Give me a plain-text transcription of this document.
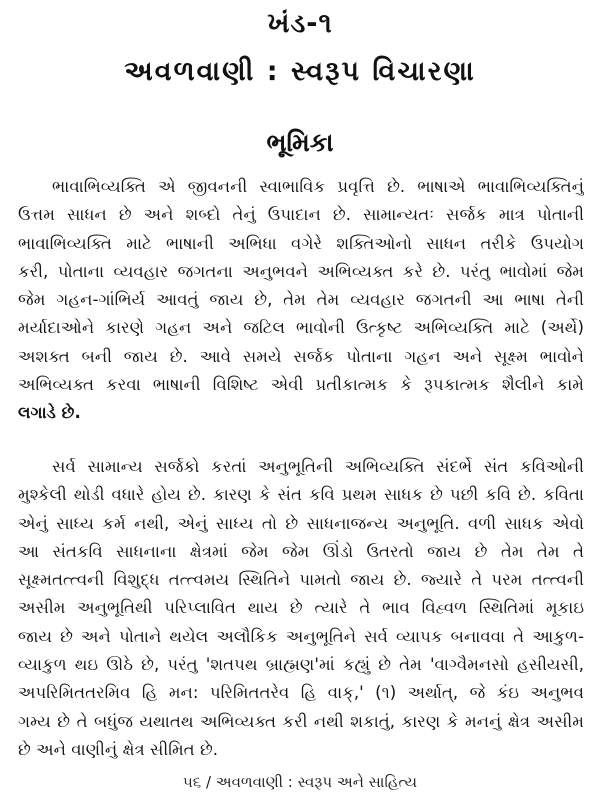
ખંડ-૧
અવળવાણી : સ્વરૂપ વિચારણા
ભૂમિકા
ભાવાભિવ્યક્તિ એ જીવનની સ્વાભાવિક પ્રવૃત્તિ છે. ભાષાએ ભાવાભિવ્યક્તિનું
ઉત્તમ સાધન છે અને શબ્દો તેનું ઉપાદાન છે. સામાન્યતઃ સર્જક માત્ર પોતાની
ભાવાભિવ્યક્તિ માટે ભાષાની અભિધા વગેરે શક્તિઓનો સાધન તરીકે ઉપયોગ
કરી, પોતાના વ્યવહાર જગતના અનુભવને અભિવ્યક્ત કરે છે. પરંતુ ભાવોમાં જેમ
જેમ ગહન-ગાંભિર્ય આવતું જાય છે, તેમ તેમ વ્યવહાર જગતની આ ભાષા તેની
મર્યાદાઓને કારણે ગહન અને જટિલ ભાવોની ઉત્કૃષ્ટ અભિવ્યક્તિ માટે (અર્થે)
અશક્ત બની જાય છે. આવે સમયે સર્જક પોતાના ગહન અને સૂક્ષ્મ ભાવોને
અભિવ્યક્ત કરવા ભાષાની વિશિષ્ટ એવી પ્રતીકાત્મક કે રૂપકાત્મક શૈલીને કામે
લગાડે છે.
સર્વ સામાન્ય સર્જકો કરતાં અનુભૂતિની અભિવ્યક્તિ સંદર્ભે સંત કવિઓની
મુશ્કેલી થોડી વધારે હોય છે. કારણ કે સંત કવિ પ્રથમ સાધક છે પછી કવિ છે. કવિતા
એનું સાધ્ય કર્મ નથી, એનું સાધ્ય તો છે સાધનાજન્ય અનુભૂતિ. વળી સાધક એવો
આ સંતકવિ સાધનાના ક્ષેત્રમાં જેમ જેમ ઊંડો ઉતરતો જાય છે તેમ તેમ તે
સૂક્ષ્મતત્ત્વની વિશુદ્ધ તત્ત્વમય સ્થિતિને પામતો જાય છે. જ્યારે તે પરમ તત્ત્વની
અસીમ અનુભૂતિથી પરિપ્લાવિત થાય છે ત્યારે તે ભાવ વિહ્વળ સ્થિતિમાં મૂકાઇ
જાય છે અને પોતાને થયેલ અલૌકિક અનુભૂતિને સર્વ વ્યાપક બનાવવા તે આકુળ-
વ્યાકુળ થઇ ઊઠે છે, પરંતુ 'શતપથ બ્રાહ્મણ'માં કહ્યું છે તેમ 'વાગ્વૈમનસો હસીયસી,
અપરિમિતતરમિવ હિ મન: પરિમિતતરેવ હિ વાક્,' (૧) અર્થાત્, જે કંઇ અનુભવ
ગમ્ય છે તે બધુંજ યથાતથ અભિવ્યક્ત કરી નથી શકાતું, કારણ કે મનનું ક્ષેત્ર અસીમ
છે અને વાણીનું ક્ષેત્ર સીમિત છે.
૫૬ / અવળવાણી : સ્વરૂપ અને સાહિત્ય
